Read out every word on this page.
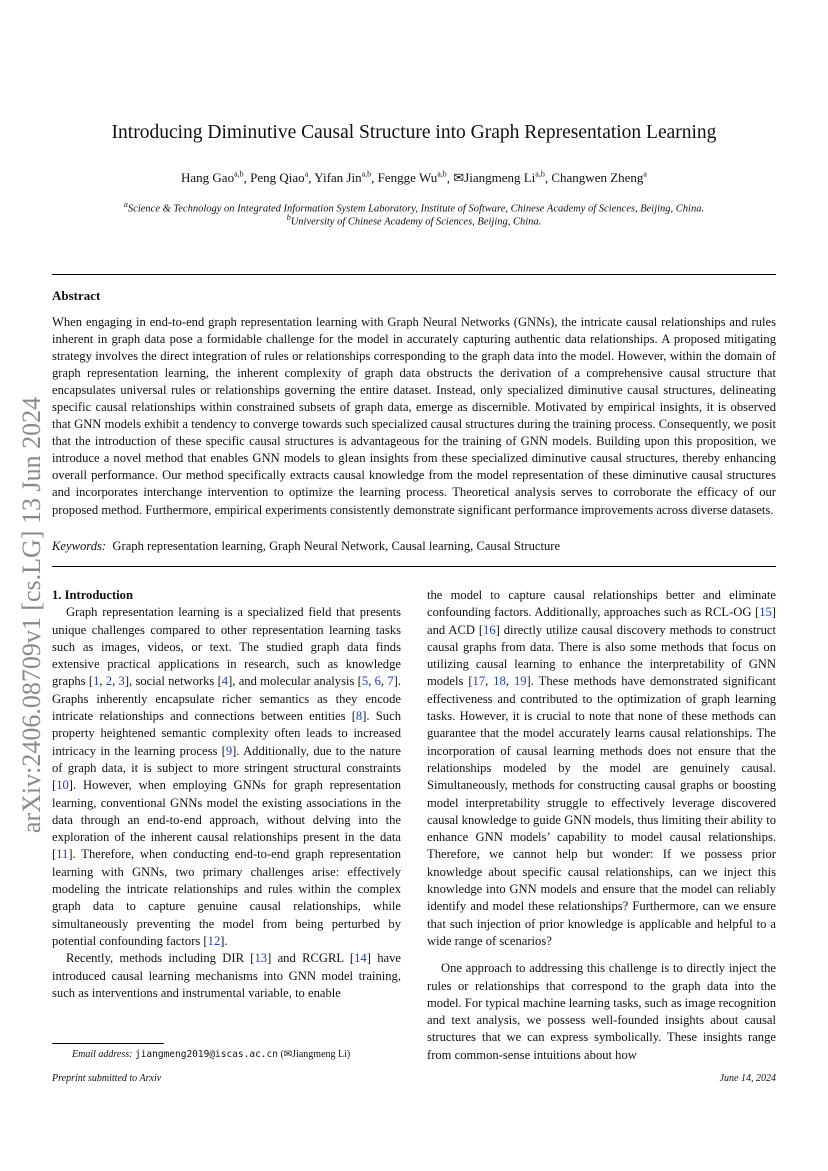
arXiv:2406.08709v1 [cs.LG] 13 Jun 2024
Introducing Diminutive Causal Structure into Graph Representation Learning
Hang Gao$^{a,b}$, Peng Qiao$^a$, Yifan Jin$^{a,b}$, Fengge Wu$^{a,b}$, ✉Jiangmeng Li$^{a,b}$, Changwen Zheng$^a$
$^a$Science & Technology on Integrated Information System Laboratory, Institute of Software, Chinese Academy of Sciences, Beijing, China.
$^b$University of Chinese Academy of Sciences, Beijing, China.
Abstract
When engaging in end-to-end graph representation learning with Graph Neural Networks (GNNs), the intricate causal relationships and rules inherent in graph data pose a formidable challenge for the model in accurately capturing authentic data relationships. A proposed mitigating strategy involves the direct integration of rules or relationships corresponding to the graph data into the model. However, within the domain of graph representation learning, the inherent complexity of graph data obstructs the derivation of a comprehensive causal structure that encapsulates universal rules or relationships governing the entire dataset. Instead, only specialized diminutive causal structures, delineating specific causal relationships within constrained subsets of graph data, emerge as discernible. Motivated by empirical insights, it is observed that GNN models exhibit a tendency to converge towards such specialized causal structures during the training process. Consequently, we posit that the introduction of these specific causal structures is advantageous for the training of GNN models. Building upon this proposition, we introduce a novel method that enables GNN models to glean insights from these specialized diminutive causal structures, thereby enhancing overall performance. Our method specifically extracts causal knowledge from the model representation of these diminutive causal structures and incorporates interchange intervention to optimize the learning process. Theoretical analysis serves to corroborate the efficacy of our proposed method. Furthermore, empirical experiments consistently demonstrate significant performance improvements across diverse datasets.
Keywords: Graph representation learning, Graph Neural Network, Causal learning, Causal Structure

1. Introduction

Graph representation learning is a specialized field that presents unique challenges compared to other representation learning tasks such as images, videos, or text. The studied graph data finds extensive practical applications in research, such as knowledge graphs [1, 2, 3], social networks [4], and molecular analysis [5, 6, 7]. Graphs inherently encapsulate richer semantics as they encode intricate relationships and connections between entities [8]. Such property heightened semantic complexity often leads to increased intricacy in the learning process [9]. Additionally, due to the nature of graph data, it is subject to more stringent structural constraints [10]. However, when employing GNNs for graph representation learning, conventional GNNs model the existing associations in the data through an end-to-end approach, without delving into the exploration of the inherent causal relationships present in the data [11]. Therefore, when conducting end-to-end graph representation learning with GNNs, two primary challenges arise: effectively modeling the intricate relationships and rules within the complex graph data to capture genuine causal relationships, while simultaneously preventing the model from being perturbed by potential confounding factors [12].

Recently, methods including DIR [13] and RCGRL [14] have introduced causal learning mechanisms into GNN model training, such as interventions and instrumental variable, to enable

the model to capture causal relationships better and eliminate confounding factors. Additionally, approaches such as RCL-OG [15] and ACD [16] directly utilize causal discovery methods to construct causal graphs from data. There is also some methods that focus on utilizing causal learning to enhance the interpretability of GNN models [17, 18, 19]. These methods have demonstrated significant effectiveness and contributed to the optimization of graph learning tasks. However, it is crucial to note that none of these methods can guarantee that the model accurately learns causal relationships. The incorporation of causal learning methods does not ensure that the relationships modeled by the model are genuinely causal. Simultaneously, methods for constructing causal graphs or boosting model interpretability struggle to effectively leverage discovered causal knowledge to guide GNN models, thus limiting their ability to enhance GNN models’ capability to model causal relationships. Therefore, we cannot help but wonder: If we possess prior knowledge about specific causal relationships, can we inject this knowledge into GNN models and ensure that the model can reliably identify and model these relationships? Furthermore, can we ensure that such injection of prior knowledge is applicable and helpful to a wide range of scenarios?

One approach to addressing this challenge is to directly inject the rules or relationships that correspond to the graph data into the model. For typical machine learning tasks, such as image recognition and text analysis, we possess well-founded insights about causal structures that we can express symbolically. These insights range from common-sense intuitions about how

Email address: jiangmeng2019@iscas.ac.cn (✉Jiangmeng Li)
Preprint submitted to Arxiv	June 14, 2024
